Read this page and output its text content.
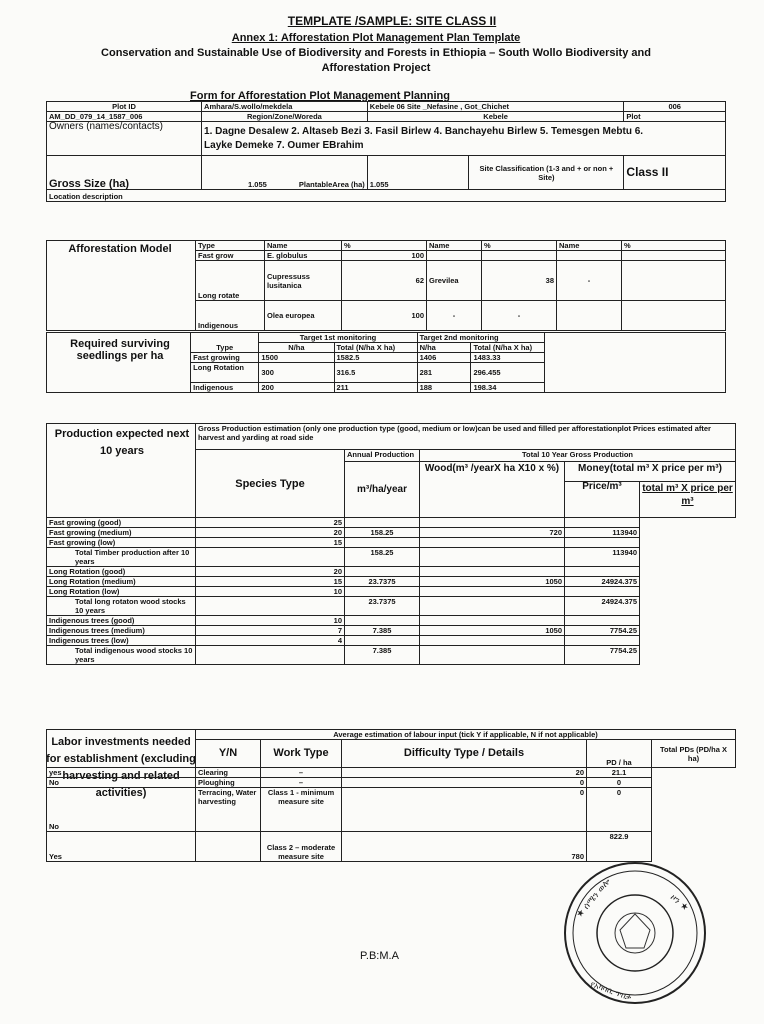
TEMPLATE /SAMPLE: SITE CLASS II
Annex 1: Afforestation Plot Management Plan Template
Conservation and Sustainable Use of Biodiversity and Forests in Ethiopia – South Wollo Biodiversity and
Afforestation Project
Form for Afforestation Plot Management Planning
Plot ID	Amhara/S.wollo/mekdela	Kebele 06 Site _Nefasine , Got_Chichet		006
AM_DD_079_14_1587_006	Region/Zone/Woreda	Kebele		Plot
Owners (names/contacts)	1. Dagne Desalew 2. Altaseb Bezi 3. Fasil Birlew 4. Banchayehu Birlew 5. Temesgen Mebtu 6.
Layke Demeke 7. Oumer EBrahim			

Gross Size (ha)	1.055 PlantableArea (ha)	1.055	Site Classification (1-3 and + or non + Site)	Class II
Location description				
Afforestation Model
		Type	Name	%	Name	%	Name	%
	Fast grow	E. globulus	100				
	Long rotate	Cupressuss lusitanica	62	Grevilea	38	-	
	Indigenous	Olea europea	100	-	-		
Required surviving seedlings per ha
	Type	Target 1st monitoring		Target 2nd monitoring		
		N/ha	Total (N/ha X ha)	N/ha	Total (N/ha X ha)	
	Fast growing	1500	1582.5	1406	1483.33	
	Long Rotation	300	316.5	281	296.455	
	Indigenous	200	211	188	198.34	
Production expected next 10 years
	Gross Production estimation (only one production type (good, medium or low)can be used and filled per afforestationplot Prices estimated after harvest and yarding at road side				
	Species Type	Annual Production	Total 10 Year Gross Production		
		m³/ha/year	Wood(m³ /yearX ha X10 x %)	Money(total m³ X price per m³)	
				Price/m³	total m³ X price per m³
Fast growing (good)	25				
Fast growing (medium)	20	158.25	720	113940	
Fast growing (low)	15				
Total Timber production after 10 years		158.25		113940	
Long Rotation (good)	20				
Long Rotation (medium)	15	23.7375	1050	24924.375	
Long Rotation (low)	10				
Total long rotaton wood stocks 10 years		23.7375		24924.375	
Indigenous trees (good)	10				
Indigenous trees (medium)	7	7.385	1050	7754.25	
Indigenous trees (low)	4				
Total indigenous wood stocks 10 years		7.385		7754.25	
Labor investments needed for establishment (excluding harvesting and related activities)
	Average estimation of labour input (tick Y if applicable, N if not applicable)				
	Y/N	Work Type	Difficulty Type / Details	PD / ha	Total PDs (PD/ha X ha)
yes	Clearing	–	20	21.1	
No	Ploughing	–	0	0	
No	Terracing, Water harvesting	Class 1 - minimum measure site	0	0	
Yes		Class 2 – moderate measure site	780	822.9	
★ ሰሜን ወሎ	ዞን ★
የአካባቢ ጥበቃ
P.B:M.A
